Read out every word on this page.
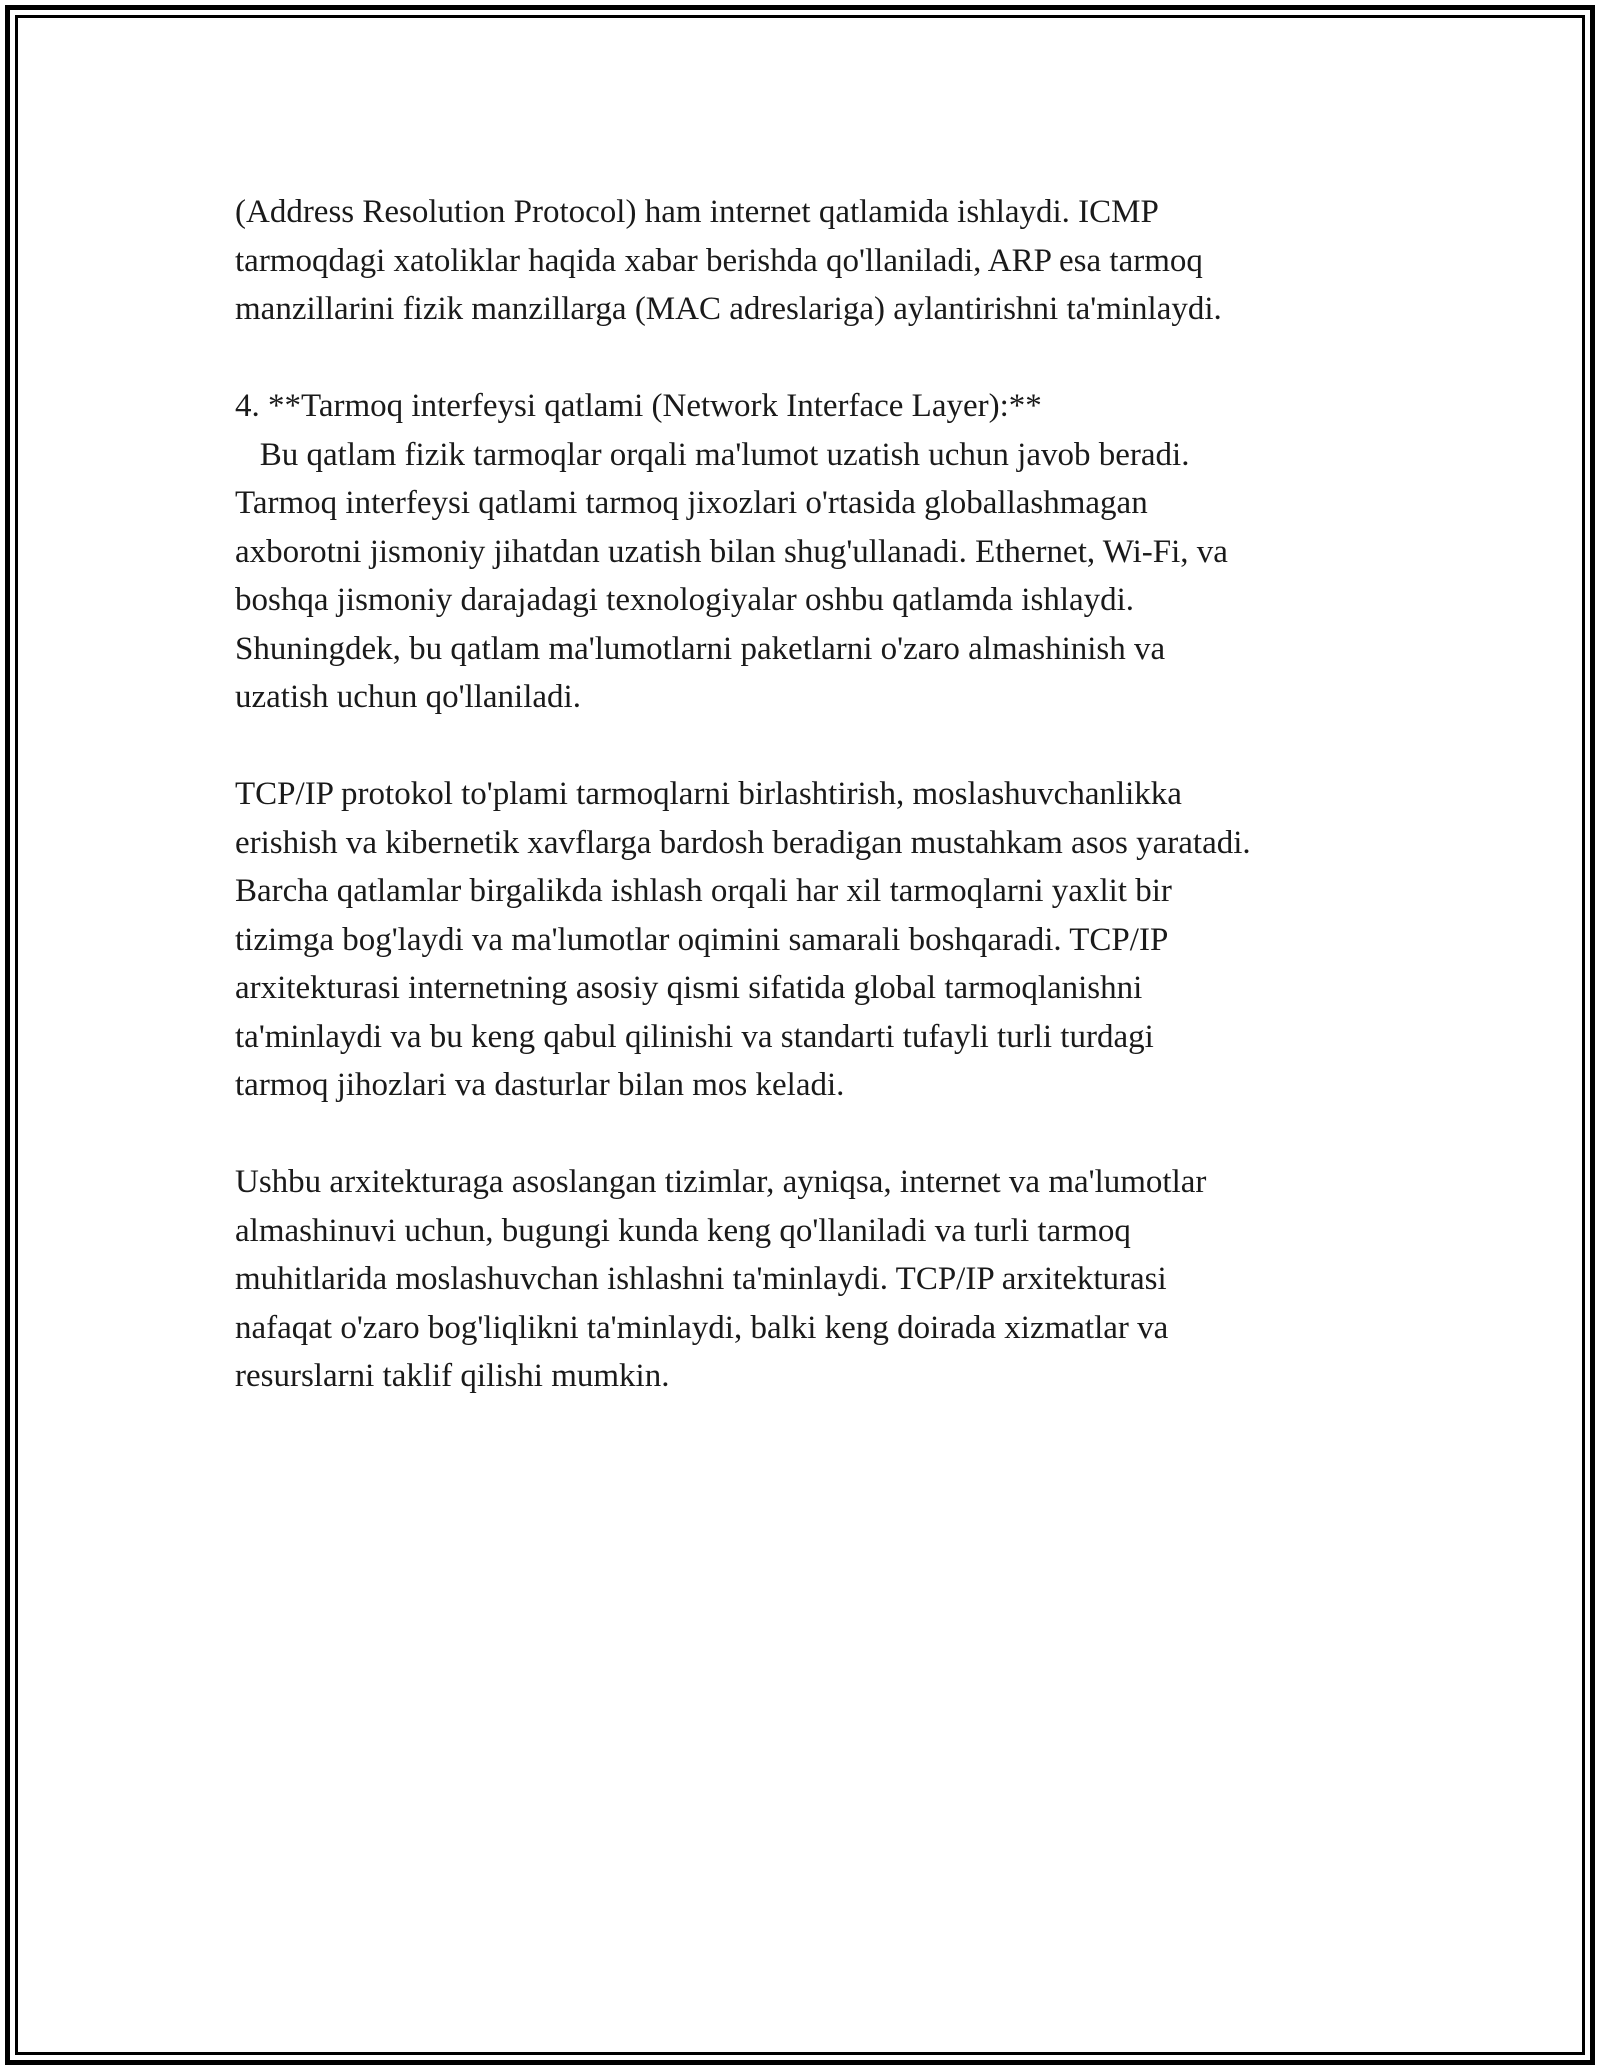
(Address Resolution Protocol) ham internet qatlamida ishlaydi. ICMP
tarmoqdagi xatoliklar haqida xabar berishda qo'llaniladi, ARP esa tarmoq
manzillarini fizik manzillarga (MAC adreslariga) aylantirishni ta'minlaydi.

4. **Tarmoq interfeysi qatlami (Network Interface Layer):**
Bu qatlam fizik tarmoqlar orqali ma'lumot uzatish uchun javob beradi.
Tarmoq interfeysi qatlami tarmoq jixozlari o'rtasida globallashmagan
axborotni jismoniy jihatdan uzatish bilan shug'ullanadi. Ethernet, Wi-Fi, va
boshqa jismoniy darajadagi texnologiyalar oshbu qatlamda ishlaydi.
Shuningdek, bu qatlam ma'lumotlarni paketlarni o'zaro almashinish va
uzatish uchun qo'llaniladi.

TCP/IP protokol to'plami tarmoqlarni birlashtirish, moslashuvchanlikka
erishish va kibernetik xavflarga bardosh beradigan mustahkam asos yaratadi.
Barcha qatlamlar birgalikda ishlash orqali har xil tarmoqlarni yaxlit bir
tizimga bog'laydi va ma'lumotlar oqimini samarali boshqaradi. TCP/IP
arxitekturasi internetning asosiy qismi sifatida global tarmoqlanishni
ta'minlaydi va bu keng qabul qilinishi va standarti tufayli turli turdagi
tarmoq jihozlari va dasturlar bilan mos keladi.

Ushbu arxitekturaga asoslangan tizimlar, ayniqsa, internet va ma'lumotlar
almashinuvi uchun, bugungi kunda keng qo'llaniladi va turli tarmoq
muhitlarida moslashuvchan ishlashni ta'minlaydi. TCP/IP arxitekturasi
nafaqat o'zaro bog'liqlikni ta'minlaydi, balki keng doirada xizmatlar va
resurslarni taklif qilishi mumkin.
